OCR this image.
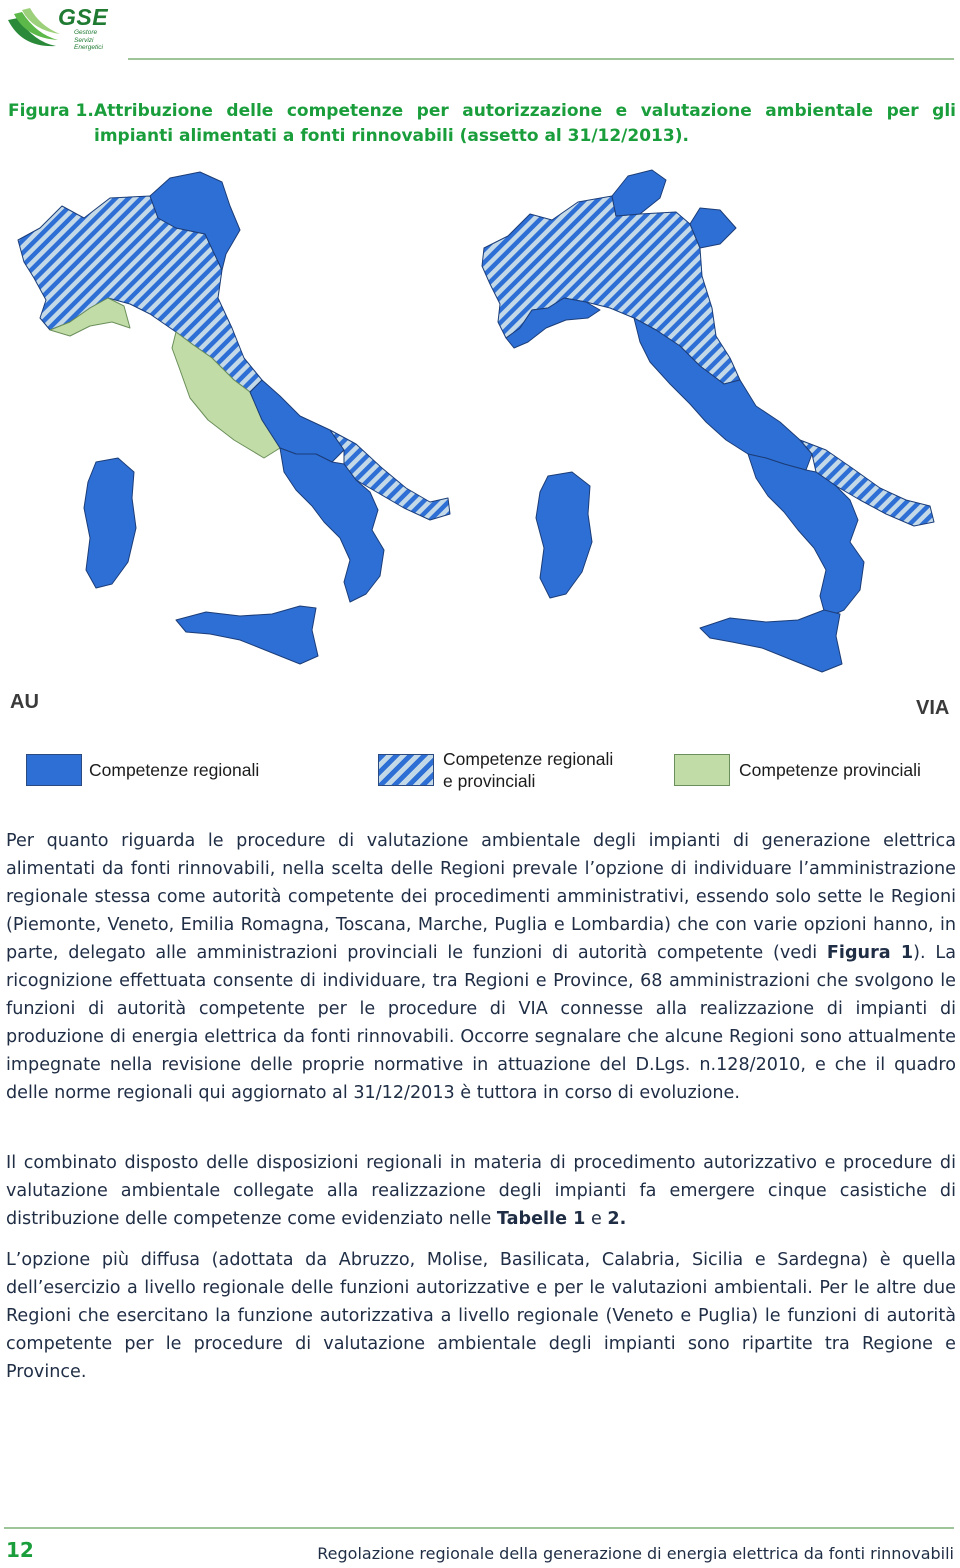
GSE
Gestore
Servizi
Energetici
Figura 1. Attribuzione delle competenze per autorizzazione e valutazione ambientale per gli impianti alimentati a fonti rinnovabili (assetto al 31/12/2013).
AU	VIA
Competenze regionali
Competenze regionali
e provinciali
Competenze provinciali

Per quanto riguarda le procedure di valutazione ambientale degli impianti di generazione elettrica alimentati da fonti rinnovabili, nella scelta delle Regioni prevale l’opzione di individuare l’amministrazione regionale stessa come autorità competente dei procedimenti amministrativi, essendo solo sette le Regioni (Piemonte, Veneto, Emilia Romagna, Toscana, Marche, Puglia e Lombardia) che con varie opzioni hanno, in parte, delegato alle amministrazioni provinciali le funzioni di autorità competente (vedi Figura 1). La ricognizione effettuata consente di individuare, tra Regioni e Province, 68 amministrazioni che svolgono le funzioni di autorità competente per le procedure di VIA connesse alla realizzazione di impianti di produzione di energia elettrica da fonti rinnovabili. Occorre segnalare che alcune Regioni sono attualmente impegnate nella revisione delle proprie normative in attuazione del D.Lgs. n.128/2010, e che il quadro delle norme regionali qui aggiornato al 31/12/2013 è tuttora in corso di evoluzione.

Il combinato disposto delle disposizioni regionali in materia di procedimento autorizzativo e procedure di valutazione ambientale collegate alla realizzazione degli impianti fa emergere cinque casistiche di distribuzione delle competenze come evidenziato nelle Tabelle 1 e 2.

L’opzione più diffusa (adottata da Abruzzo, Molise, Basilicata, Calabria, Sicilia e Sardegna) è quella dell’esercizio a livello regionale delle funzioni autorizzative e per le valutazioni ambientali. Per le altre due Regioni che esercitano la funzione autorizzativa a livello regionale (Veneto e Puglia) le funzioni di autorità competente per le procedure di valutazione ambientale degli impianti sono ripartite tra Regione e Province.

12	Regolazione regionale della generazione di energia elettrica da fonti rinnovabili
